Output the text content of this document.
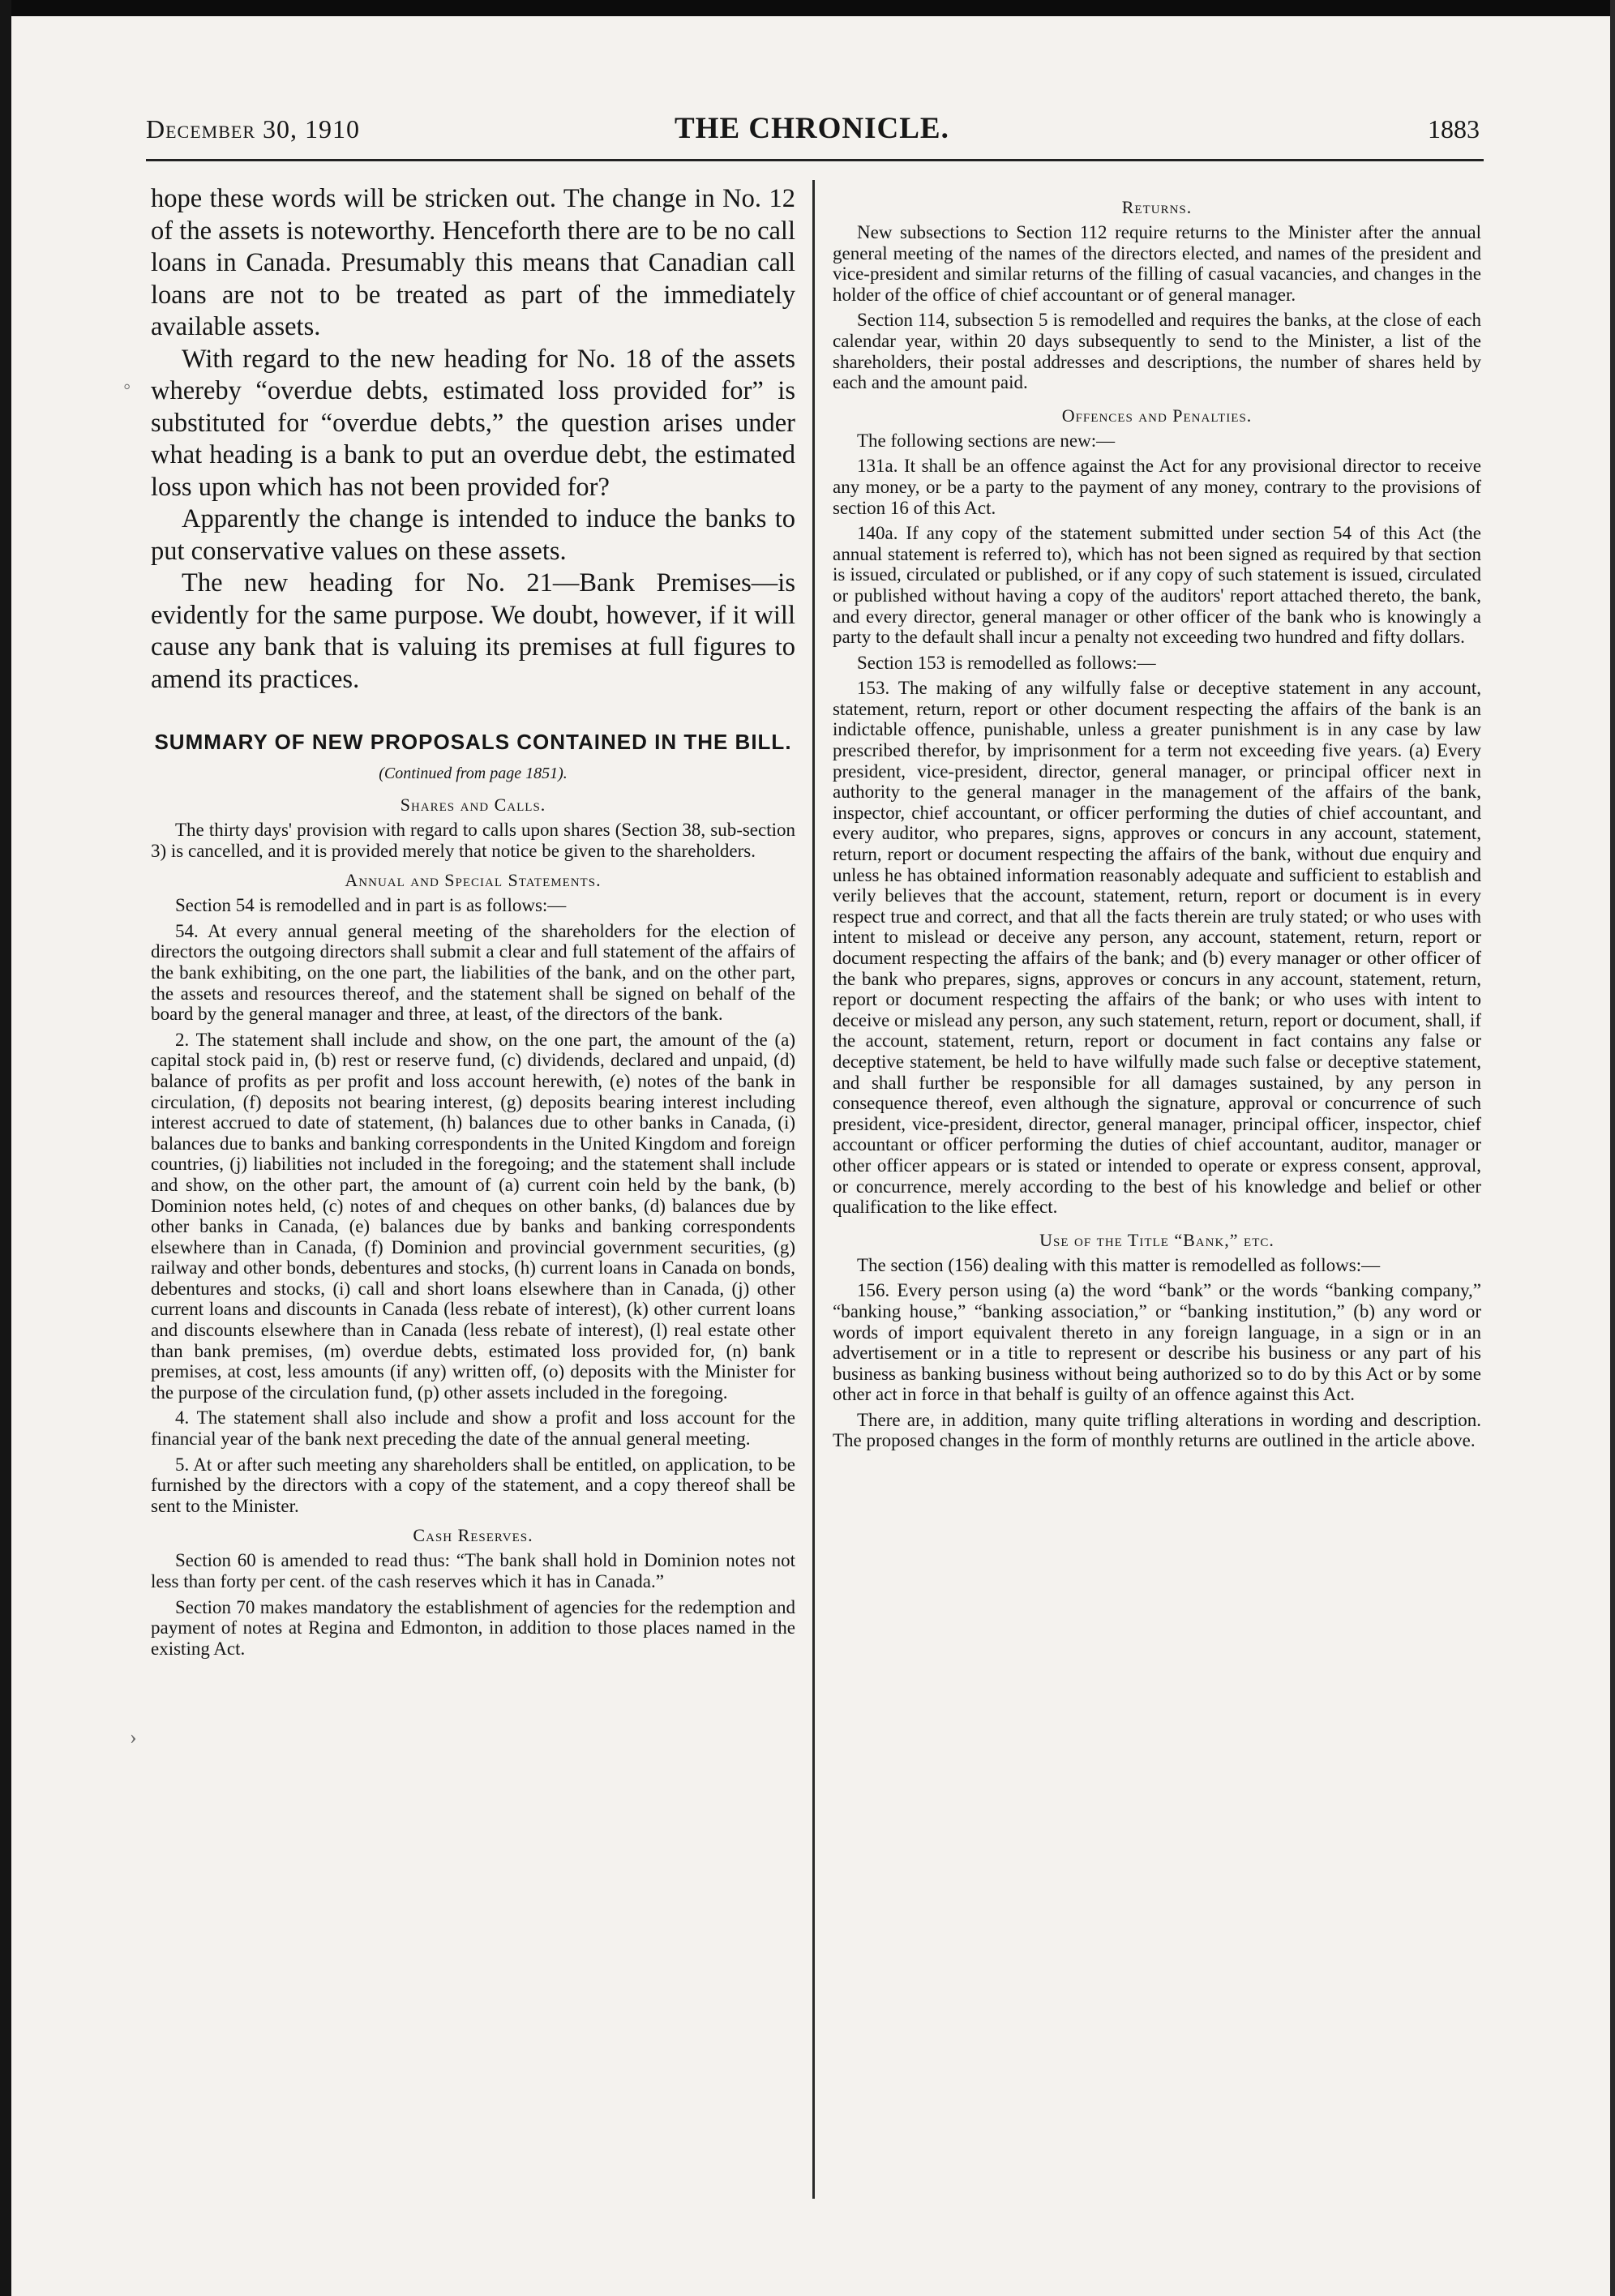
December 30, 1910	THE CHRONICLE.	1883

hope these words will be stricken out. The change in No. 12 of the assets is noteworthy. Henceforth there are to be no call loans in Canada. Presumably this means that Canadian call loans are not to be treated as part of the immediately available assets.

With regard to the new heading for No. 18 of the assets whereby “overdue debts, estimated loss provided for” is substituted for “overdue debts,” the question arises under what heading is a bank to put an overdue debt, the estimated loss upon which has not been provided for?

Apparently the change is intended to induce the banks to put conservative values on these assets.

The new heading for No. 21—Bank Premises—is evidently for the same purpose. We doubt, however, if it will cause any bank that is valuing its premises at full figures to amend its practices.

SUMMARY OF NEW PROPOSALS CONTAINED IN THE BILL.
(Continued from page 1851).
Shares and Calls.

The thirty days' provision with regard to calls upon shares (Section 38, sub-section 3) is cancelled, and it is provided merely that notice be given to the shareholders.

Annual and Special Statements.

Section 54 is remodelled and in part is as follows:—

54. At every annual general meeting of the shareholders for the election of directors the outgoing directors shall submit a clear and full statement of the affairs of the bank exhibiting, on the one part, the liabilities of the bank, and on the other part, the assets and resources thereof, and the statement shall be signed on behalf of the board by the general manager and three, at least, of the directors of the bank.

2. The statement shall include and show, on the one part, the amount of the (a) capital stock paid in, (b) rest or reserve fund, (c) dividends, declared and unpaid, (d) balance of profits as per profit and loss account herewith, (e) notes of the bank in circulation, (f) deposits not bearing interest, (g) deposits bearing interest including interest accrued to date of statement, (h) balances due to other banks in Canada, (i) balances due to banks and banking correspondents in the United Kingdom and foreign countries, (j) liabilities not included in the foregoing; and the statement shall include and show, on the other part, the amount of (a) current coin held by the bank, (b) Dominion notes held, (c) notes of and cheques on other banks, (d) balances due by other banks in Canada, (e) balances due by banks and banking correspondents elsewhere than in Canada, (f) Dominion and provincial government securities, (g) railway and other bonds, debentures and stocks, (h) current loans in Canada on bonds, debentures and stocks, (i) call and short loans elsewhere than in Canada, (j) other current loans and discounts in Canada (less rebate of interest), (k) other current loans and discounts elsewhere than in Canada (less rebate of interest), (l) real estate other than bank premises, (m) overdue debts, estimated loss provided for, (n) bank premises, at cost, less amounts (if any) written off, (o) deposits with the Minister for the purpose of the circulation fund, (p) other assets included in the foregoing.

4. The statement shall also include and show a profit and loss account for the financial year of the bank next preceding the date of the annual general meeting.

5. At or after such meeting any shareholders shall be entitled, on application, to be furnished by the directors with a copy of the statement, and a copy thereof shall be sent to the Minister.

Cash Reserves.

Section 60 is amended to read thus: “The bank shall hold in Dominion notes not less than forty per cent. of the cash reserves which it has in Canada.”

Section 70 makes mandatory the establishment of agencies for the redemption and payment of notes at Regina and Edmonton, in addition to those places named in the existing Act.

Returns.

New subsections to Section 112 require returns to the Minister after the annual general meeting of the names of the directors elected, and names of the president and vice-president and similar returns of the filling of casual vacancies, and changes in the holder of the office of chief accountant or of general manager.

Section 114, subsection 5 is remodelled and requires the banks, at the close of each calendar year, within 20 days subsequently to send to the Minister, a list of the shareholders, their postal addresses and descriptions, the number of shares held by each and the amount paid.

Offences and Penalties.

The following sections are new:—

131a. It shall be an offence against the Act for any provisional director to receive any money, or be a party to the payment of any money, contrary to the provisions of section 16 of this Act.

140a. If any copy of the statement submitted under section 54 of this Act (the annual statement is referred to), which has not been signed as required by that section is issued, circulated or published, or if any copy of such statement is issued, circulated or published without having a copy of the auditors' report attached thereto, the bank, and every director, general manager or other officer of the bank who is knowingly a party to the default shall incur a penalty not exceeding two hundred and fifty dollars.

Section 153 is remodelled as follows:—

153. The making of any wilfully false or deceptive statement in any account, statement, return, report or other document respecting the affairs of the bank is an indictable offence, punishable, unless a greater punishment is in any case by law prescribed therefor, by imprisonment for a term not exceeding five years. (a) Every president, vice-president, director, general manager, or principal officer next in authority to the general manager in the management of the affairs of the bank, inspector, chief accountant, or officer performing the duties of chief accountant, and every auditor, who prepares, signs, approves or concurs in any account, statement, return, report or document respecting the affairs of the bank, without due enquiry and unless he has obtained information reasonably adequate and sufficient to establish and verily believes that the account, statement, return, report or document is in every respect true and correct, and that all the facts therein are truly stated; or who uses with intent to mislead or deceive any person, any account, statement, return, report or document respecting the affairs of the bank; and (b) every manager or other officer of the bank who prepares, signs, approves or concurs in any account, statement, return, report or document respecting the affairs of the bank; or who uses with intent to deceive or mislead any person, any such statement, return, report or document, shall, if the account, statement, return, report or document in fact contains any false or deceptive statement, be held to have wilfully made such false or deceptive statement, and shall further be responsible for all damages sustained, by any person in consequence thereof, even although the signature, approval or concurrence of such president, vice-president, director, general manager, principal officer, inspector, chief accountant or officer performing the duties of chief accountant, auditor, manager or other officer appears or is stated or intended to operate or express consent, approval, or concurrence, merely according to the best of his knowledge and belief or other qualification to the like effect.

Use of the Title “Bank,” etc.

The section (156) dealing with this matter is remodelled as follows:—

156. Every person using (a) the word “bank” or the words “banking company,” “banking house,” “banking association,” or “banking institution,” (b) any word or words of import equivalent thereto in any foreign language, in a sign or in an advertisement or in a title to represent or describe his business or any part of his business as banking business without being authorized so to do by this Act or by some other act in force in that behalf is guilty of an offence against this Act.

There are, in addition, many quite trifling alterations in wording and description. The proposed changes in the form of monthly returns are outlined in the article above.

◦
›
